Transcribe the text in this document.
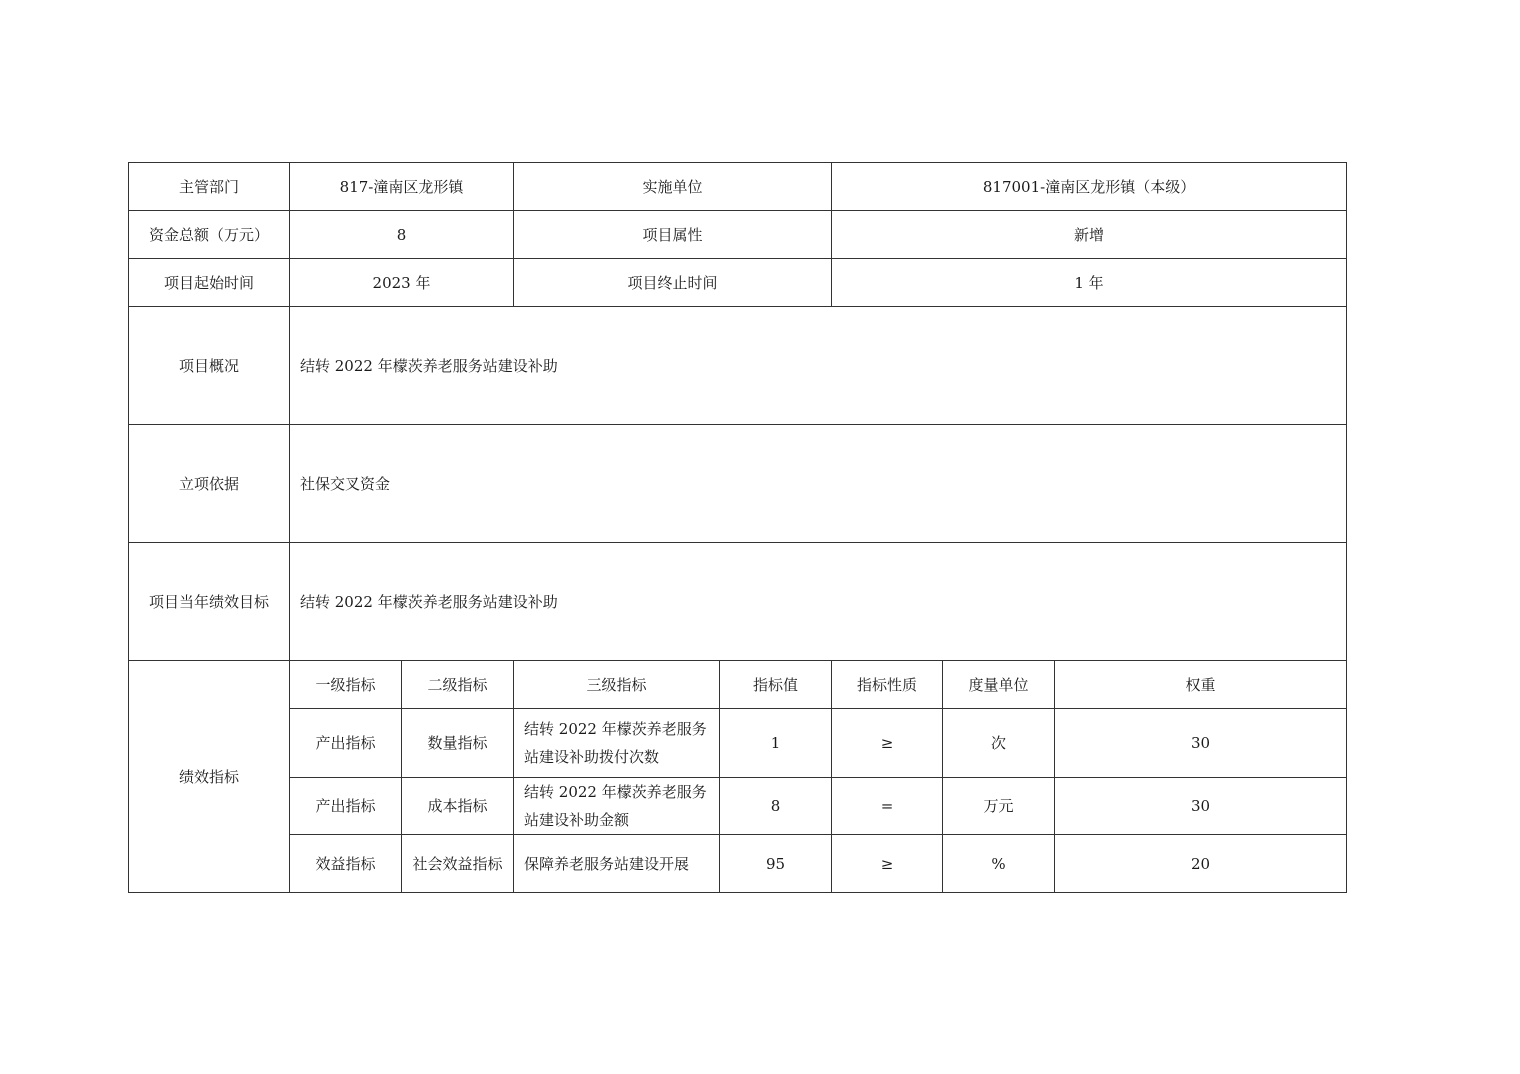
主管部门	817-潼南区龙形镇		实施单位		817001-潼南区龙形镇（本级）		
资金总额（万元）	8		项目属性		新增		
项目起始时间	2023 年		项目终止时间		1 年		
项目概况	结转 2022 年檬茨养老服务站建设补助						
立项依据	社保交叉资金						
项目当年绩效目标	结转 2022 年檬茨养老服务站建设补助						
绩效指标	一级指标	二级指标	三级指标	指标值	指标性质	度量单位	权重
	产出指标	数量指标	结转 2022 年檬茨养老服务站建设补助拨付次数	1	≥	次	30
	产出指标	成本指标	结转 2022 年檬茨养老服务站建设补助金额	8	=	万元	30
	效益指标	社会效益指标	保障养老服务站建设开展	95	≥	%	20
